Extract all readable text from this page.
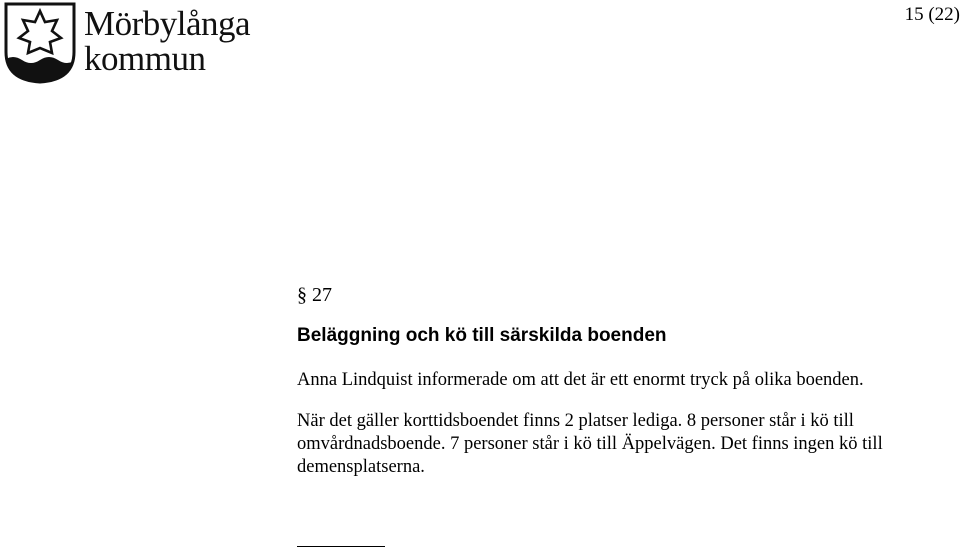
Mörbylånga
kommun
15 (22)
§ 27
Beläggning och kö till särskilda boenden

Anna Lindquist informerade om att det är ett enormt tryck på olika boenden.

När det gäller korttidsboendet finns 2 platser lediga. 8 personer står i kö till omvårdnadsboende. 7 personer står i kö till Äppelvägen. Det finns ingen kö till demensplatserna.
